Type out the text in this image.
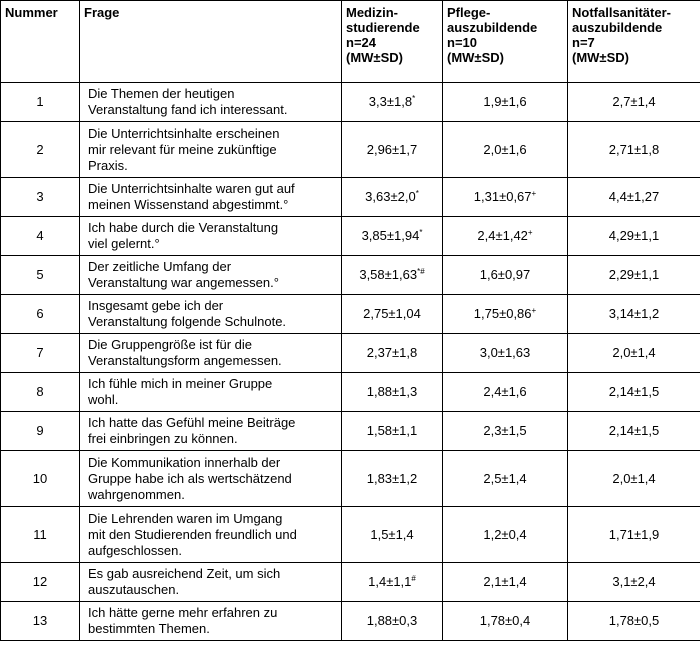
Nummer	Frage	Medizin-
studierende
n=24
(MW±SD)	Pflege-
auszubildende
n=10
(MW±SD)	Notfallsanitäter-
auszubildende
n=7
(MW±SD)

1	Die Themen der heutigen
Veranstaltung fand ich interessant.	3,3±1,8*	1,9±1,6	2,7±1,4
2	Die Unterrichtsinhalte erscheinen
mir relevant für meine zukünftige
Praxis.	2,96±1,7	2,0±1,6	2,71±1,8
3	Die Unterrichtsinhalte waren gut auf
meinen Wissenstand abgestimmt.°	3,63±2,0*	1,31±0,67+	4,4±1,27
4	Ich habe durch die Veranstaltung
viel gelernt.°	3,85±1,94*	2,4±1,42+	4,29±1,1
5	Der zeitliche Umfang der
Veranstaltung war angemessen.°	3,58±1,63*#	1,6±0,97	2,29±1,1
6	Insgesamt gebe ich der
Veranstaltung folgende Schulnote.	2,75±1,04	1,75±0,86+	3,14±1,2
7	Die Gruppengröße ist für die
Veranstaltungsform angemessen.	2,37±1,8	3,0±1,63	2,0±1,4
8	Ich fühle mich in meiner Gruppe
wohl.	1,88±1,3	2,4±1,6	2,14±1,5
9	Ich hatte das Gefühl meine Beiträge
frei einbringen zu können.	1,58±1,1	2,3±1,5	2,14±1,5
10	Die Kommunikation innerhalb der
Gruppe habe ich als wertschätzend
wahrgenommen.	1,83±1,2	2,5±1,4	2,0±1,4
11	Die Lehrenden waren im Umgang
mit den Studierenden freundlich und
aufgeschlossen.	1,5±1,4	1,2±0,4	1,71±1,9
12	Es gab ausreichend Zeit, um sich
auszutauschen.	1,4±1,1#	2,1±1,4	3,1±2,4
13	Ich hätte gerne mehr erfahren zu
bestimmten Themen.	1,88±0,3	1,78±0,4	1,78±0,5
